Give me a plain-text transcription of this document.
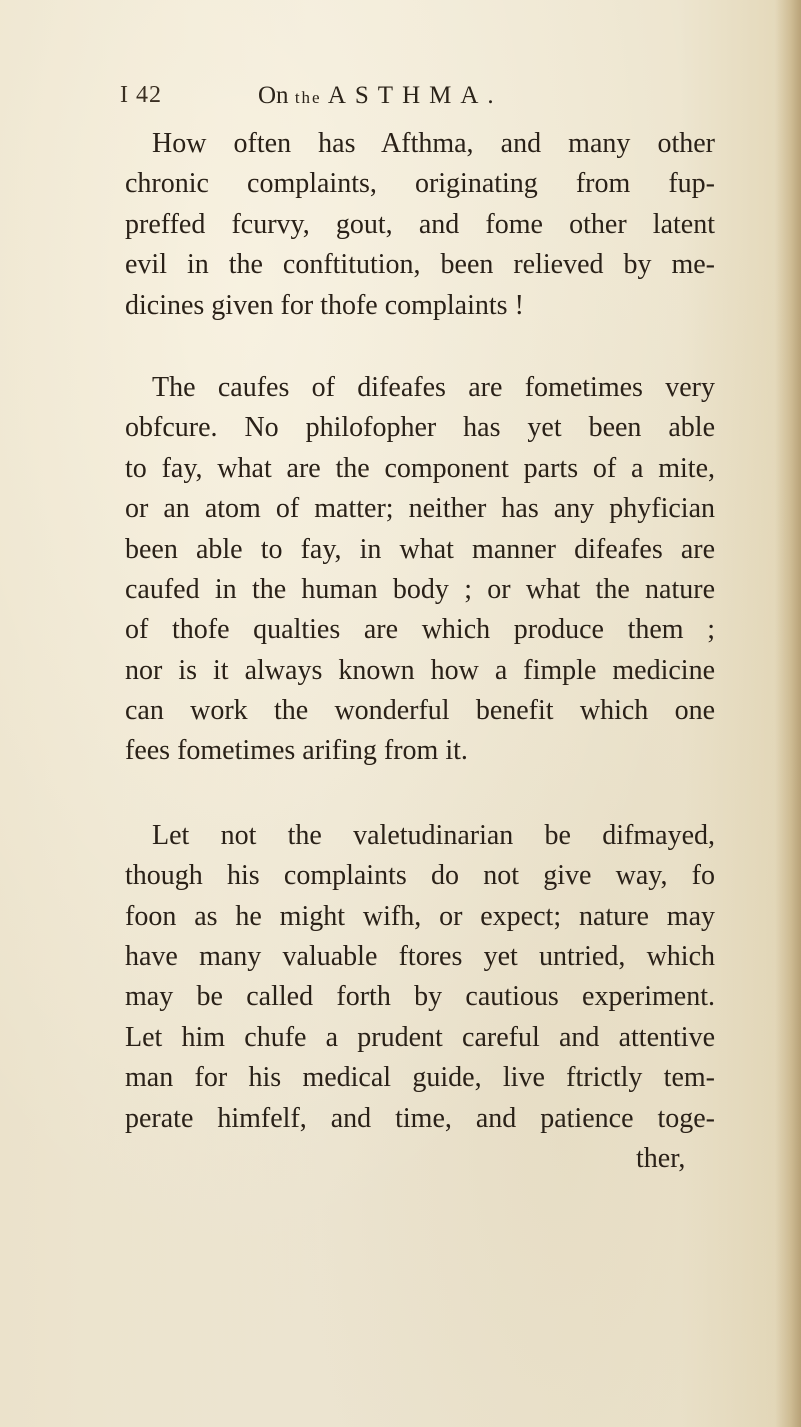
I 42	On the ASTHMA.
How often has Afthma, and many other
chronic complaints, originating from fup-
preffed fcurvy, gout, and fome other latent
evil in the conftitution, been relieved by me-
dicines given for thofe complaints !
The caufes of difeafes are fometimes very
obfcure. No philofopher has yet been able
to fay, what are the component parts of a mite,
or an atom of matter; neither has any phyfician
been able to fay, in what manner difeafes are
caufed in the human body ; or what the nature
of thofe qualties are which produce them ;
nor is it always known how a fimple medicine
can work the wonderful benefit which one
fees fometimes arifing from it.
Let not the valetudinarian be difmayed,
though his complaints do not give way, fo
foon as he might wifh, or expect; nature may
have many valuable ftores yet untried, which
may be called forth by cautious experiment.
Let him chufe a prudent careful and attentive
man for his medical guide, live ftrictly tem-
perate himfelf, and time, and patience toge-
ther,
